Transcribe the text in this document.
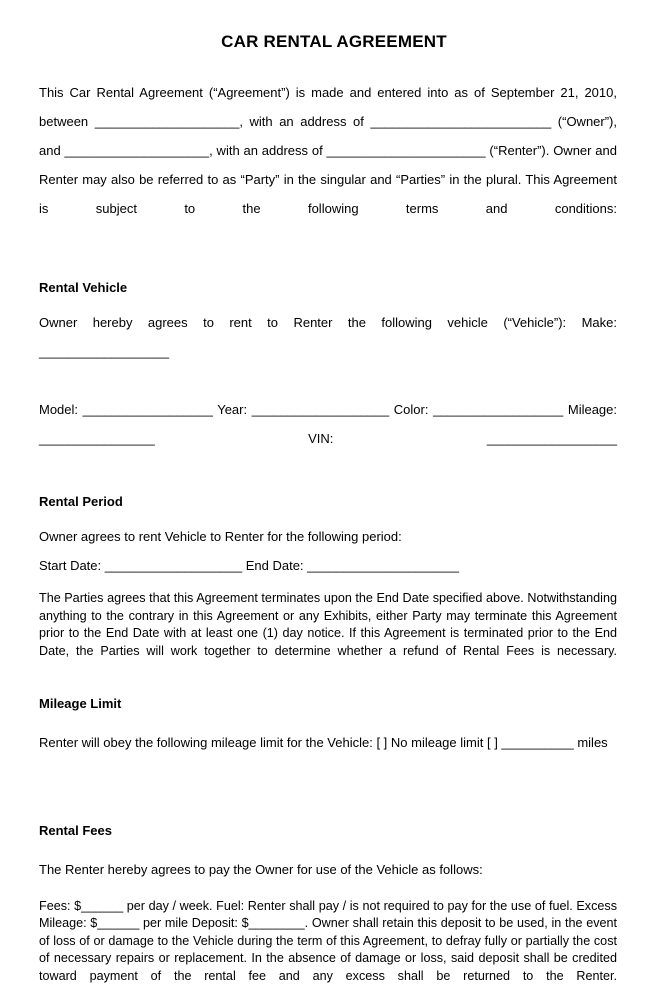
CAR RENTAL AGREEMENT

This Car Rental Agreement (“Agreement”) is made and entered into as of September 21, 2010, between ____________________, with an address of _________________________ (“Owner”), and ____________________, with an address of ______________________ (“Renter”). Owner and Renter may also be referred to as “Party” in the singular and “Parties” in the plural. This Agreement is subject to the following terms and conditions:

Rental Vehicle

Owner hereby agrees to rent to Renter the following vehicle (“Vehicle”): Make: __________________

Model: __________________ Year: ___________________ Color: __________________ Mileage: ________________ VIN: __________________

Rental Period

Owner agrees to rent Vehicle to Renter for the following period:

Start Date: ___________________ End Date: _____________________

The Parties agrees that this Agreement terminates upon the End Date specified above. Notwithstanding anything to the contrary in this Agreement or any Exhibits, either Party may terminate this Agreement prior to the End Date with at least one (1) day notice. If this Agreement is terminated prior to the End Date, the Parties will work together to determine whether a refund of Rental Fees is necessary.

Mileage Limit

Renter will obey the following mileage limit for the Vehicle: [ ] No mileage limit [ ] __________ miles

Rental Fees

The Renter hereby agrees to pay the Owner for use of the Vehicle as follows:

Fees: $______ per day / week. Fuel: Renter shall pay / is not required to pay for the use of fuel. Excess Mileage: $______ per mile Deposit: $________. Owner shall retain this deposit to be used, in the event of loss of or damage to the Vehicle during the term of this Agreement, to defray fully or partially the cost of necessary repairs or replacement. In the absence of damage or loss, said deposit shall be credited toward payment of the rental fee and any excess shall be returned to the Renter.
